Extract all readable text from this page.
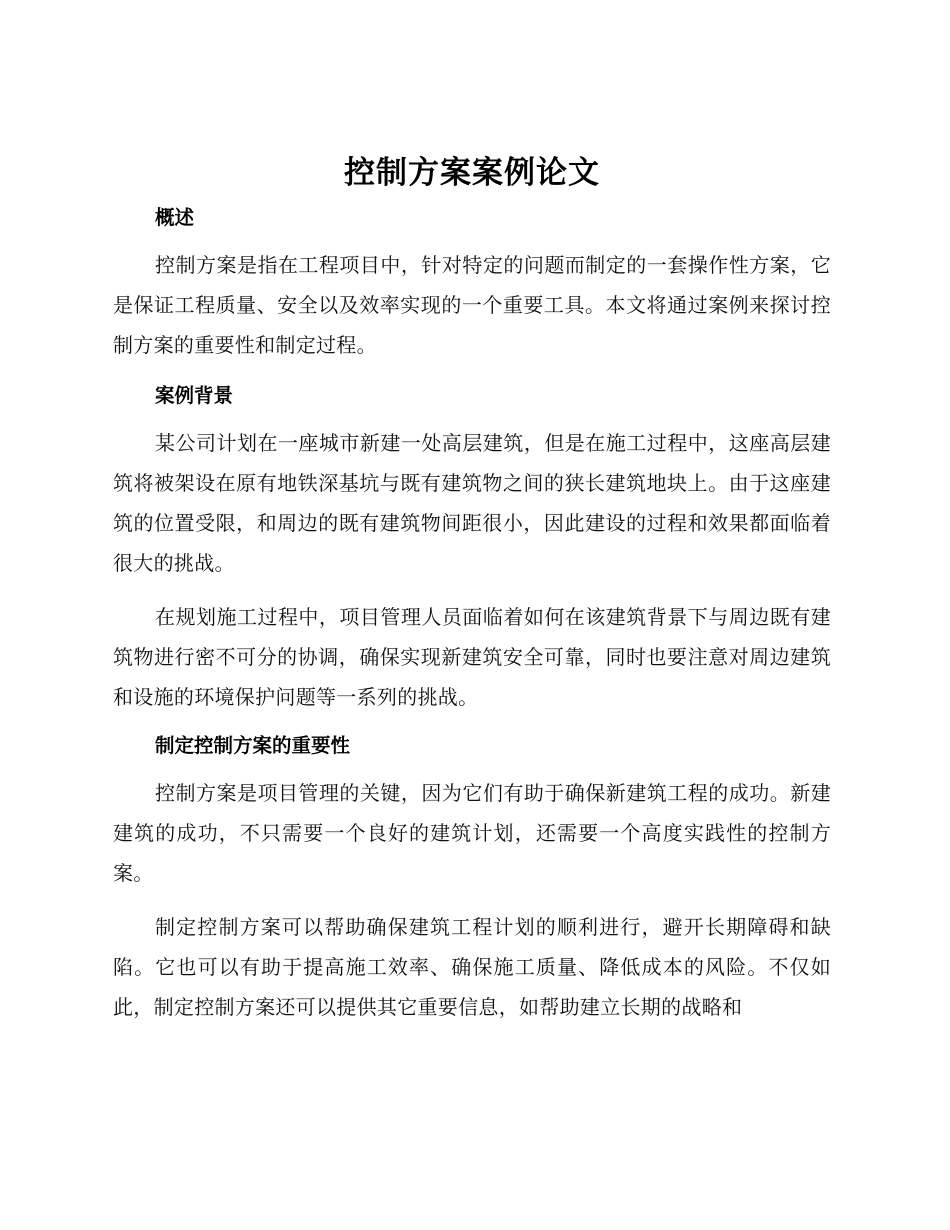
控制方案案例论文
概述

控制方案是指在工程项目中，针对特定的问题而制定的一套操作性方案，它是保证工程质量、安全以及效率实现的一个重要工具。本文将通过案例来探讨控制方案的重要性和制定过程。

案例背景

某公司计划在一座城市新建一处高层建筑，但是在施工过程中，这座高层建筑将被架设在原有地铁深基坑与既有建筑物之间的狭长建筑地块上。由于这座建筑的位置受限，和周边的既有建筑物间距很小，因此建设的过程和效果都面临着很大的挑战。

在规划施工过程中，项目管理人员面临着如何在该建筑背景下与周边既有建筑物进行密不可分的协调，确保实现新建筑安全可靠，同时也要注意对周边建筑和设施的环境保护问题等一系列的挑战。

制定控制方案的重要性

控制方案是项目管理的关键，因为它们有助于确保新建筑工程的成功。新建建筑的成功，不只需要一个良好的建筑计划，还需要一个高度实践性的控制方案。

制定控制方案可以帮助确保建筑工程计划的顺利进行，避开长期障碍和缺陷。它也可以有助于提高施工效率、确保施工质量、降低成本的风险。不仅如此，制定控制方案还可以提供其它重要信息，如帮助建立长期的战略和
